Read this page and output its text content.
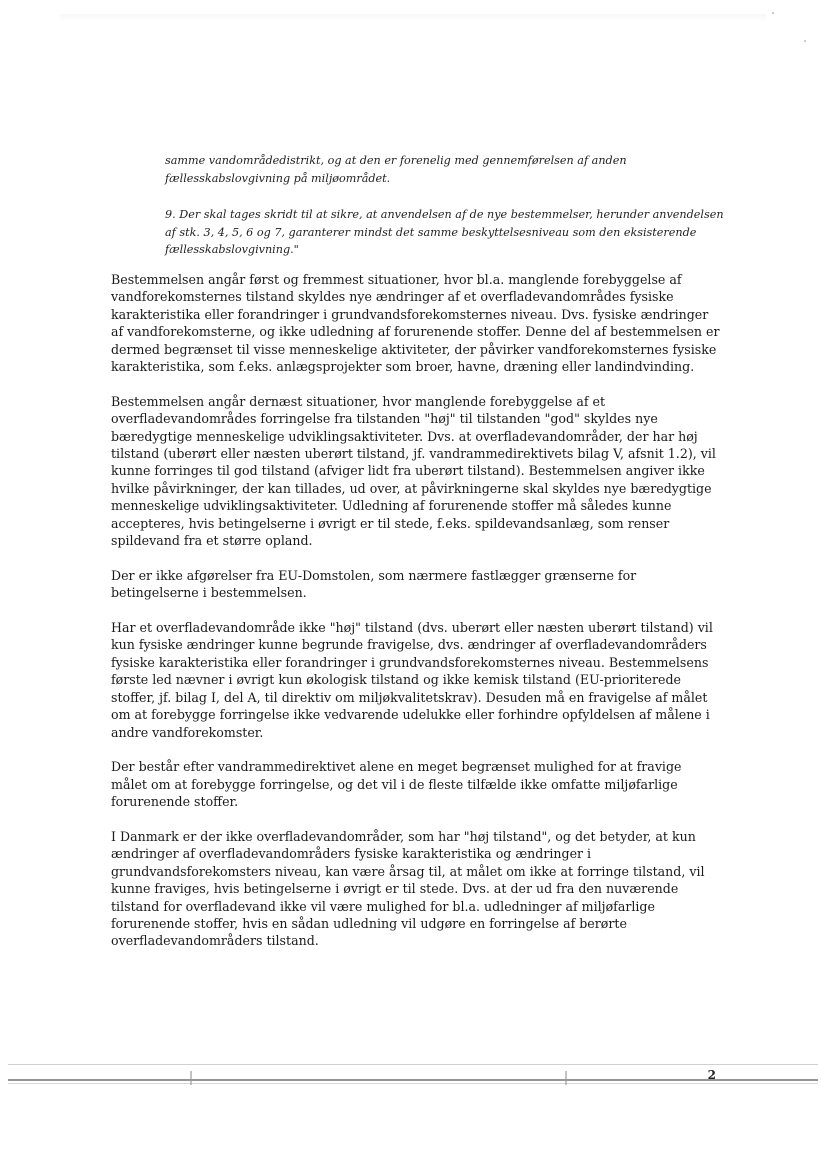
samme vandområdedistrikt, og at den er forenelig med gennemførelsen af anden fællesskabslovgivning på miljøområdet.

9. Der skal tages skridt til at sikre, at anvendelsen af de nye bestemmelser, herunder anvendelsen af stk. 3, 4, 5, 6 og 7, garanterer mindst det samme beskyttelsesniveau som den eksisterende fællesskabslovgivning."

Bestemmelsen angår først og fremmest situationer, hvor bl.a. manglende forebyggelse af vandforekomsternes tilstand skyldes nye ændringer af et overfladevandområdes fysiske karakteristika eller forandringer i grundvandsforekomsternes niveau. Dvs. fysiske ændringer af vandforekomsterne, og ikke udledning af forurenende stoffer. Denne del af bestemmelsen er dermed begrænset til visse menneskelige aktiviteter, der påvirker vandforekomsternes fysiske karakteristika, som f.eks. anlægsprojekter som broer, havne, dræning eller landindvinding.

Bestemmelsen angår dernæst situationer, hvor manglende forebyggelse af et overfladevandområdes forringelse fra tilstanden "høj" til tilstanden "god" skyldes nye bæredygtige menneskelige udviklingsaktiviteter. Dvs. at overfladevandområder, der har høj tilstand (uberørt eller næsten uberørt tilstand, jf. vandrammedirektivets bilag V, afsnit 1.2), vil kunne forringes til god tilstand (afviger lidt fra uberørt tilstand). Bestemmelsen angiver ikke hvilke påvirkninger, der kan tillades, ud over, at påvirkningerne skal skyldes nye bæredygtige menneskelige udviklingsaktiviteter. Udledning af forurenende stoffer må således kunne accepteres, hvis betingelserne i øvrigt er til stede, f.eks. spildevandsanlæg, som renser spildevand fra et større opland.

Der er ikke afgørelser fra EU-Domstolen, som nærmere fastlægger grænserne for betingelserne i bestemmelsen.

Har et overfladevandområde ikke "høj" tilstand (dvs. uberørt eller næsten uberørt tilstand) vil kun fysiske ændringer kunne begrunde fravigelse, dvs. ændringer af overfladevandområders fysiske karakteristika eller forandringer i grundvandsforekomsternes niveau. Bestemmelsens første led nævner i øvrigt kun økologisk tilstand og ikke kemisk tilstand (EU-prioriterede stoffer, jf. bilag I, del A, til direktiv om miljøkvalitetskrav). Desuden må en fravigelse af målet om at forebygge forringelse ikke vedvarende udelukke eller forhindre opfyldelsen af målene i andre vandforekomster.

Der består efter vandrammedirektivet alene en meget begrænset mulighed for at fravige målet om at forebygge forringelse, og det vil i de fleste tilfælde ikke omfatte miljøfarlige forurenende stoffer.

I Danmark er der ikke overfladevandområder, som har "høj tilstand", og det betyder, at kun ændringer af overfladevandområders fysiske karakteristika og ændringer i grundvandsforekomsters niveau, kan være årsag til, at målet om ikke at forringe tilstand, vil kunne fraviges, hvis betingelserne i øvrigt er til stede. Dvs. at der ud fra den nuværende tilstand for overfladevand ikke vil være mulighed for bl.a. udledninger af miljøfarlige forurenende stoffer, hvis en sådan udledning vil udgøre en forringelse af berørte overfladevandområders tilstand.

2
